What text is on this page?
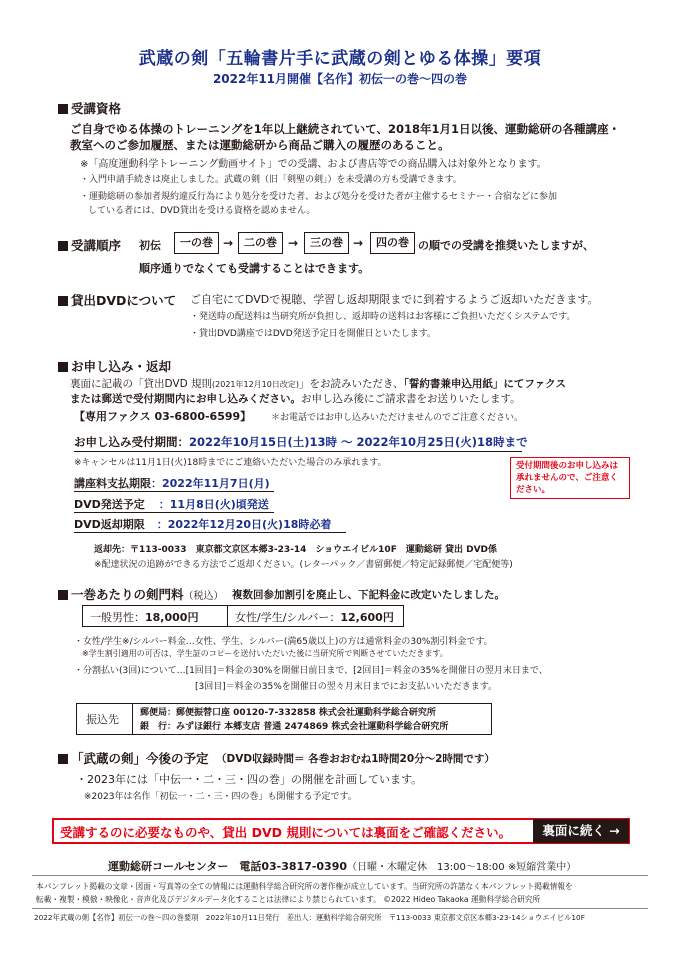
武蔵の剣「五輪書片手に武蔵の剣とゆる体操」要項
2022年11月開催【名作】初伝一の巻～四の巻
受講資格
ご自身でゆる体操のトレーニングを1年以上継続されていて、2018年1月1日以後、運動総研の各種講座・
教室へのご参加履歴、または運動総研から商品ご購入の履歴のあること。
※「高度運動科学トレーニング動画サイト」での受講、および書店等での商品購入は対象外となります。
・入門申請手続きは廃止しました。武蔵の剣（旧「剣聖の剣」）を未受講の方も受講できます。
・運動総研の参加者規約違反行為により処分を受けた者、および処分を受けた者が主催するセミナー・合宿などに参加
している者には、DVD貸出を受ける資格を認めません。
受講順序 初伝	一の巻 → 二の巻 →	三の巻 →	四の巻 の順での受講を推奨いたしますが、
順序通りでなくても受講することはできます。
貸出DVDについて ご自宅にてDVDで視聴、学習し返却期限までに到着するようご返却いただきます。
・発送時の配送料は当研究所が負担し、返却時の送料はお客様にご負担いただくシステムです。
・貸出DVD講座ではDVD発送予定日を開催日といたします。
お申し込み・返却
裏面に記載の「貸出DVD 規則(2021年12月10日改定)」をお読みいただき、「誓約書兼申込用紙」にてファクス
または郵送で受付期間内にお申し込みください。お申し込み後にご請求書をお送りいたします。
【専用ファクス 03-6800-6599】 ＊お電話ではお申し込みいただけませんのでご注意ください。
お申し込み受付期間：2022年10月15日(土)13時 ～ 2022年10月25日(火)18時まで
※キャンセルは11月1日(火)18時までにご連絡いただいた場合のみ承れます。	受付期間後のお申し込みは承れませんので、ご注意ください。
講座料支払期限：2022年11月7日(月)
DVD発送予定 ：11月8日(火)頃発送
DVD返却期限 ：2022年12月20日(火)18時必着
返却先：〒113-0033　東京都文京区本郷3-23-14　ショウエイビル10F　運動総研 貸出 DVD係
※配達状況の追跡ができる方法でご返却ください。(レターパック／書留郵便／特定記録郵便／宅配便等)
一巻あたりの剣門料（税込） 複数回参加割引を廃止し、下記料金に改定いたしました。
一般男性：18,000円	女性/学生/シルバー：12,600円
・女性/学生※/シルバー料金…女性、学生、シルバー(満65歳以上)の方は通常料金の30%割引料金です。
※学生割引適用の可否は、学生証のコピーを送付いただいた後に当研究所で判断させていただきます。
・分割払い(3回)について…[1回目]＝料金の30%を開催日前日まで、[2回目]＝料金の35%を開催日の翌月末日まで、
[3回目]＝料金の35%を開催日の翌々月末日までにお支払いいただきます。
振込先 郵便局：郵便振替口座 00120-7-332858 株式会社運動科学総合研究所
銀　行：みずほ銀行 本郷支店 普通 2474869 株式会社運動科学総合研究所
「武蔵の剣」今後の予定 （DVD収録時間＝ 各巻おおむね1時間20分～2時間です）
・2023年には「中伝一・二・三・四の巻」の開催を計画しています。
※2023年は名作「初伝一・二・三・四の巻」も開催する予定です。
受講するのに必要なものや、貸出 DVD 規則については裏面をご確認ください。	裏面に続く →
運動総研コールセンター　電話03-3817-0390（日曜・木曜定休　13:00～18:00 ※短縮営業中）
本パンフレット掲載の文章・図面・写真等の全ての情報には運動科学総合研究所の著作権が成立しています。当研究所の許諾なく本パンフレット掲載情報を
転載・複製・模倣・映像化・音声化及びデジタルデータ化することは法律により禁じられています。 ©2022 Hideo Takaoka 運動科学総合研究所
2022年武蔵の剣【名作】初伝一の巻～四の巻要項　2022年10月11日発行　差出人：運動科学総合研究所　〒113-0033 東京都文京区本郷3-23-14ショウエイビル10F
